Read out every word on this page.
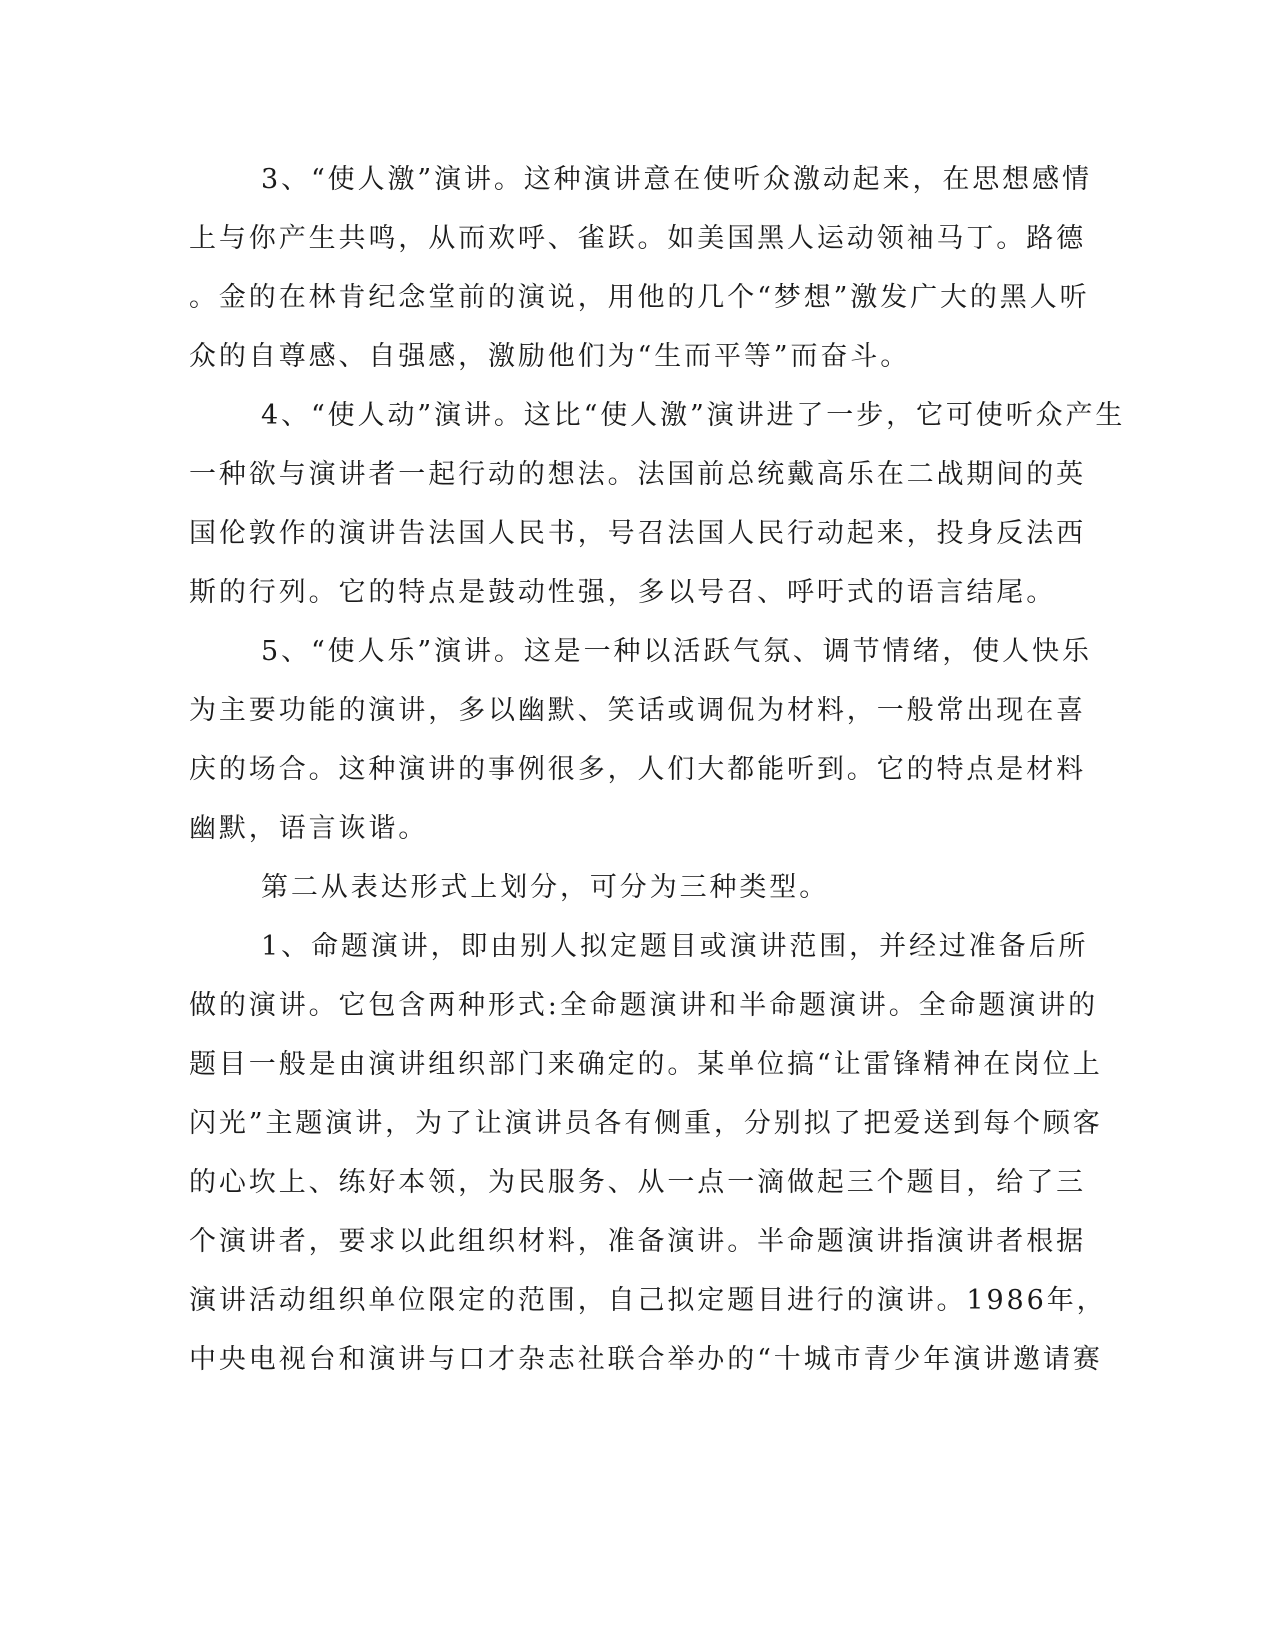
3、“使人激”演讲。这种演讲意在使听众激动起来，在思想感情
上与你产生共鸣，从而欢呼、雀跃。如美国黑人运动领袖马丁。路德
。金的在林肯纪念堂前的演说，用他的几个“梦想”激发广大的黑人听
众的自尊感、自强感，激励他们为“生而平等”而奋斗。
4、“使人动”演讲。这比“使人激”演讲进了一步，它可使听众产生
一种欲与演讲者一起行动的想法。法国前总统戴高乐在二战期间的英
国伦敦作的演讲告法国人民书，号召法国人民行动起来，投身反法西
斯的行列。它的特点是鼓动性强，多以号召、呼吁式的语言结尾。
5、“使人乐”演讲。这是一种以活跃气氛、调节情绪，使人快乐
为主要功能的演讲，多以幽默、笑话或调侃为材料，一般常出现在喜
庆的场合。这种演讲的事例很多，人们大都能听到。它的特点是材料
幽默，语言诙谐。
第二从表达形式上划分，可分为三种类型。
1、命题演讲，即由别人拟定题目或演讲范围，并经过准备后所
做的演讲。它包含两种形式:全命题演讲和半命题演讲。全命题演讲的
题目一般是由演讲组织部门来确定的。某单位搞“让雷锋精神在岗位上
闪光”主题演讲，为了让演讲员各有侧重，分别拟了把爱送到每个顾客
的心坎上、练好本领，为民服务、从一点一滴做起三个题目，给了三
个演讲者，要求以此组织材料，准备演讲。半命题演讲指演讲者根据
演讲活动组织单位限定的范围，自己拟定题目进行的演讲。1986年，
中央电视台和演讲与口才杂志社联合举办的“十城市青少年演讲邀请赛
